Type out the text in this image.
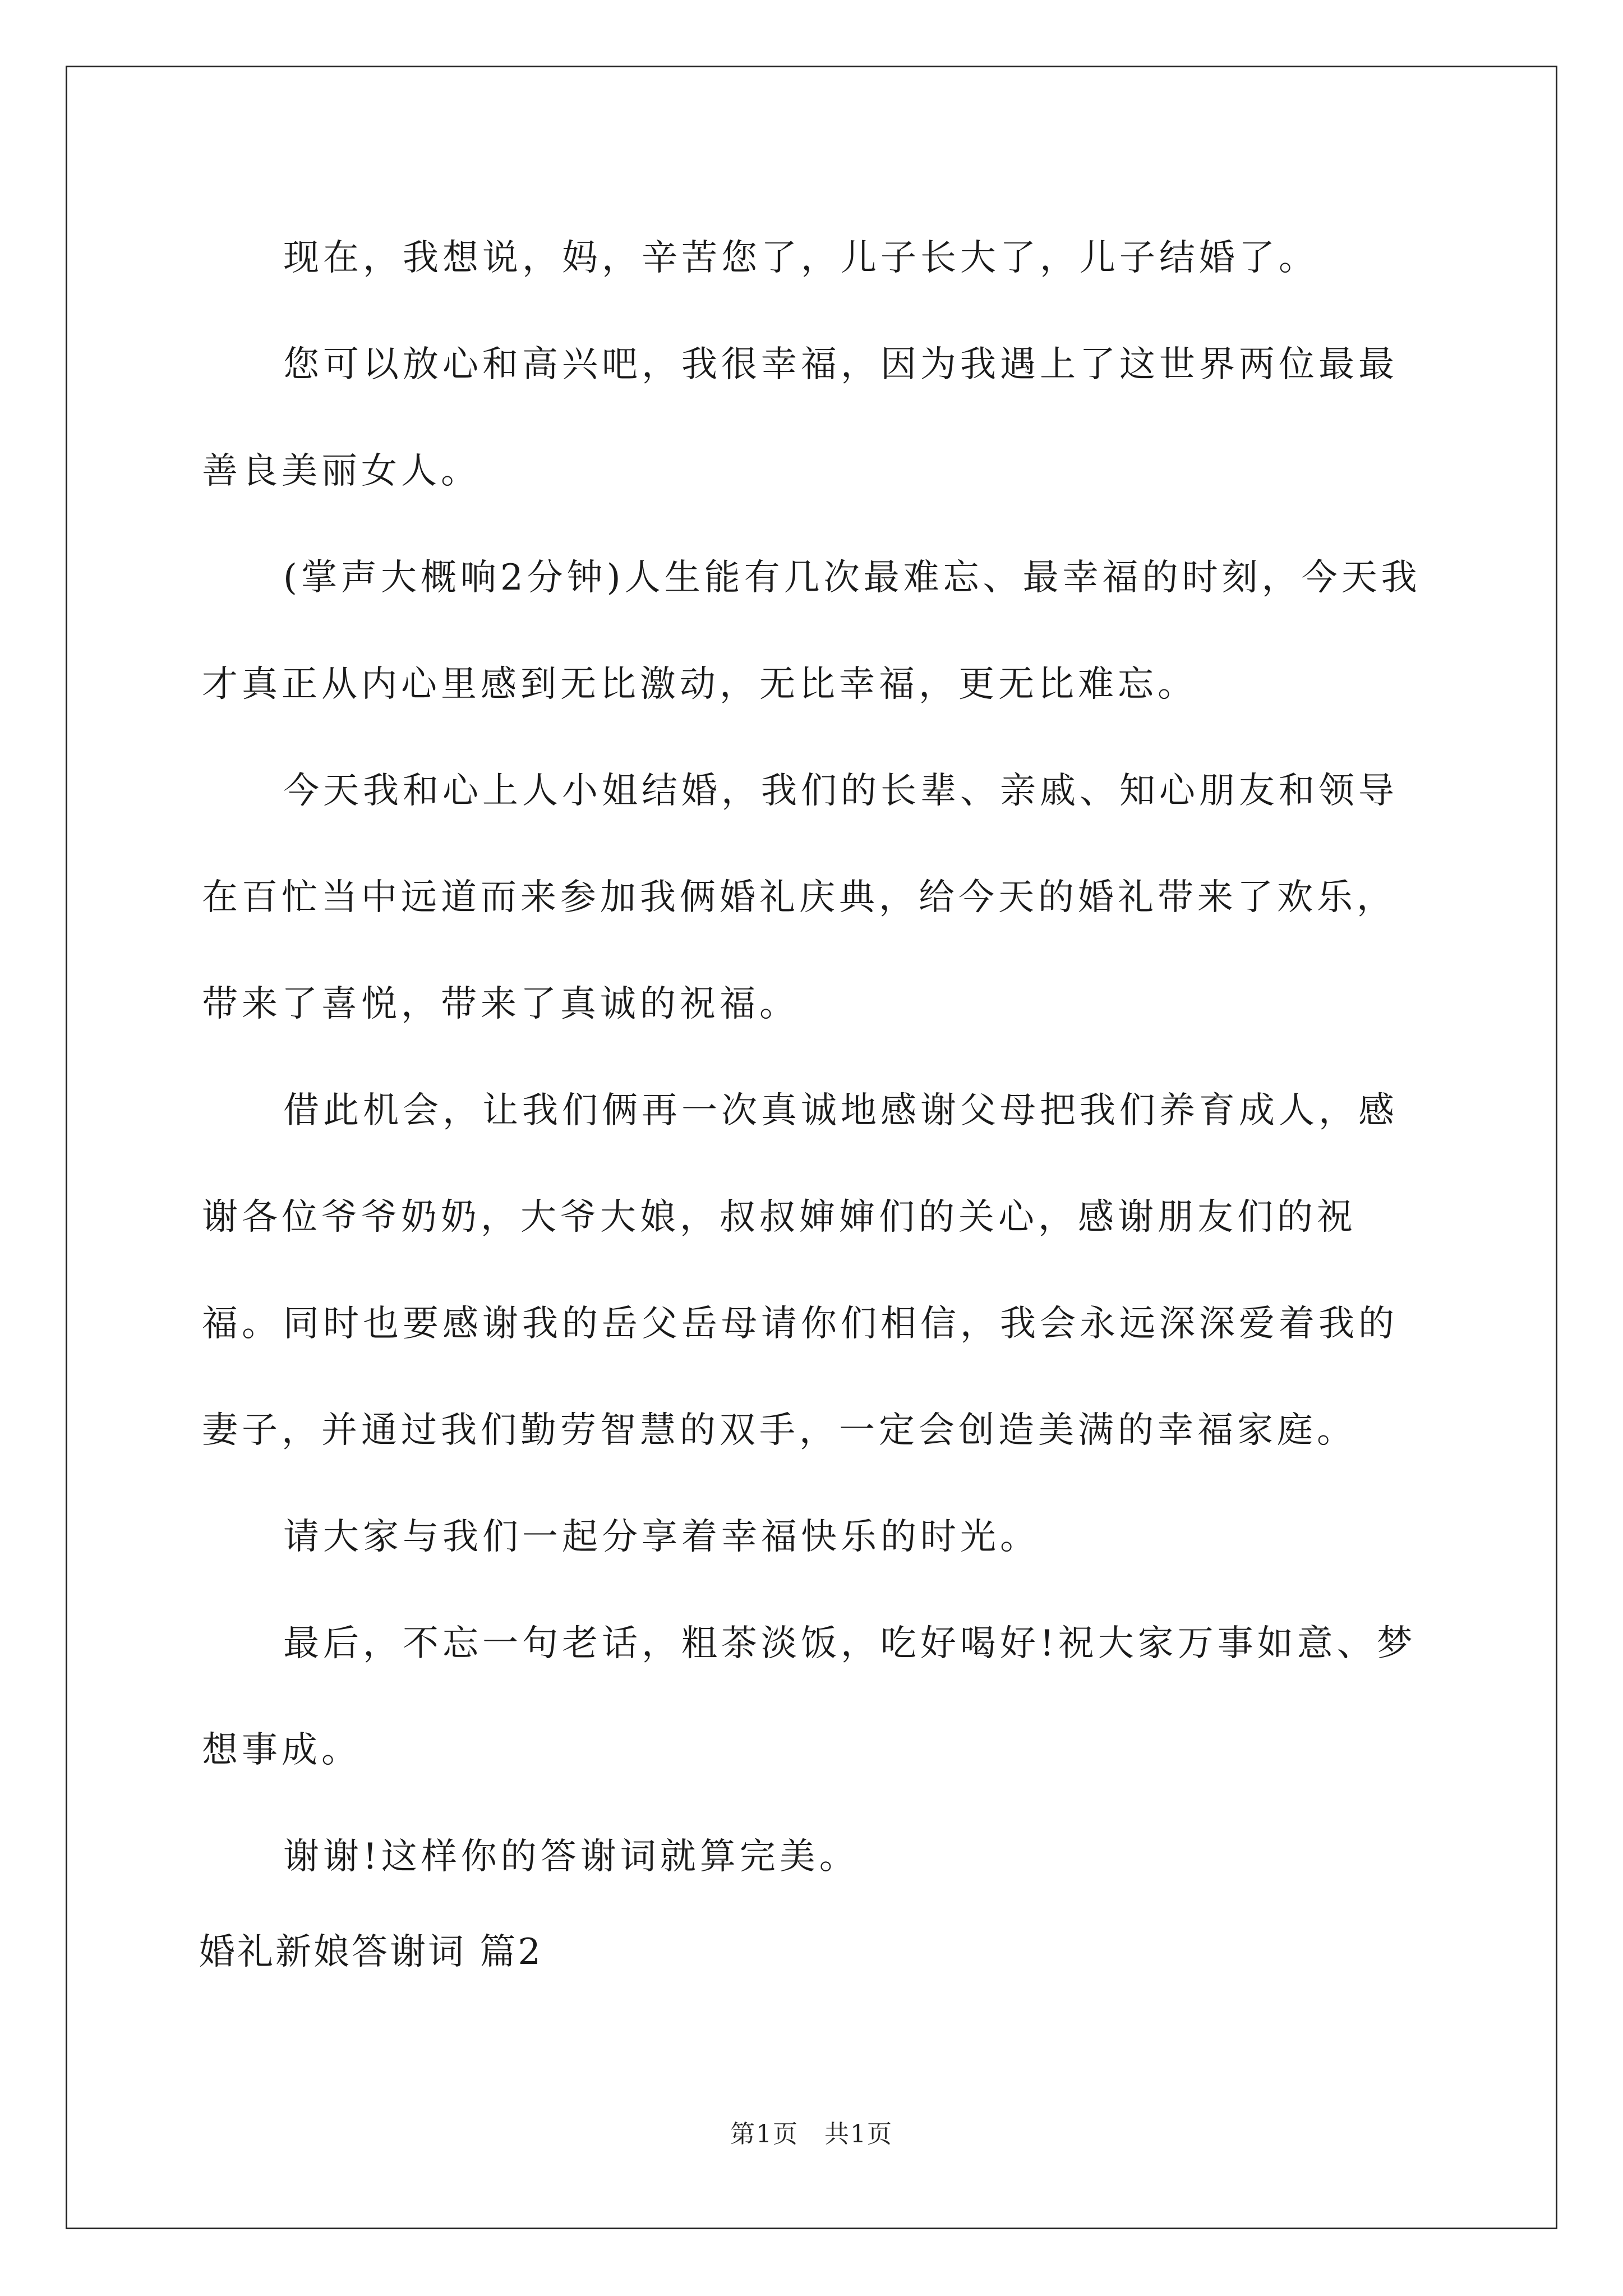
现在，我想说，妈，辛苦您了，儿子长大了，儿子结婚了。

您可以放心和高兴吧，我很幸福，因为我遇上了这世界两位最最善良美丽女人。

(掌声大概响2分钟)人生能有几次最难忘、最幸福的时刻，今天我才真正从内心里感到无比激动，无比幸福，更无比难忘。

今天我和心上人小姐结婚，我们的长辈、亲戚、知心朋友和领导在百忙当中远道而来参加我俩婚礼庆典，给今天的婚礼带来了欢乐，带来了喜悦，带来了真诚的祝福。

借此机会，让我们俩再一次真诚地感谢父母把我们养育成人，感谢各位爷爷奶奶，大爷大娘，叔叔婶婶们的关心，感谢朋友们的祝福。 同时也要感谢我的岳父岳母请你们相信，我会永远深深爱着我的妻子，并通过我们勤劳智慧的双手，一定会创造美满的幸福家庭。

请大家与我们一起分享着幸福快乐的时光。

最后，不忘一句老话，粗茶淡饭，吃好喝好!祝大家万事如意、梦想事成。

谢谢!这样你的答谢词就算完美。

婚礼新娘答谢词 篇2

第1页　共1页
